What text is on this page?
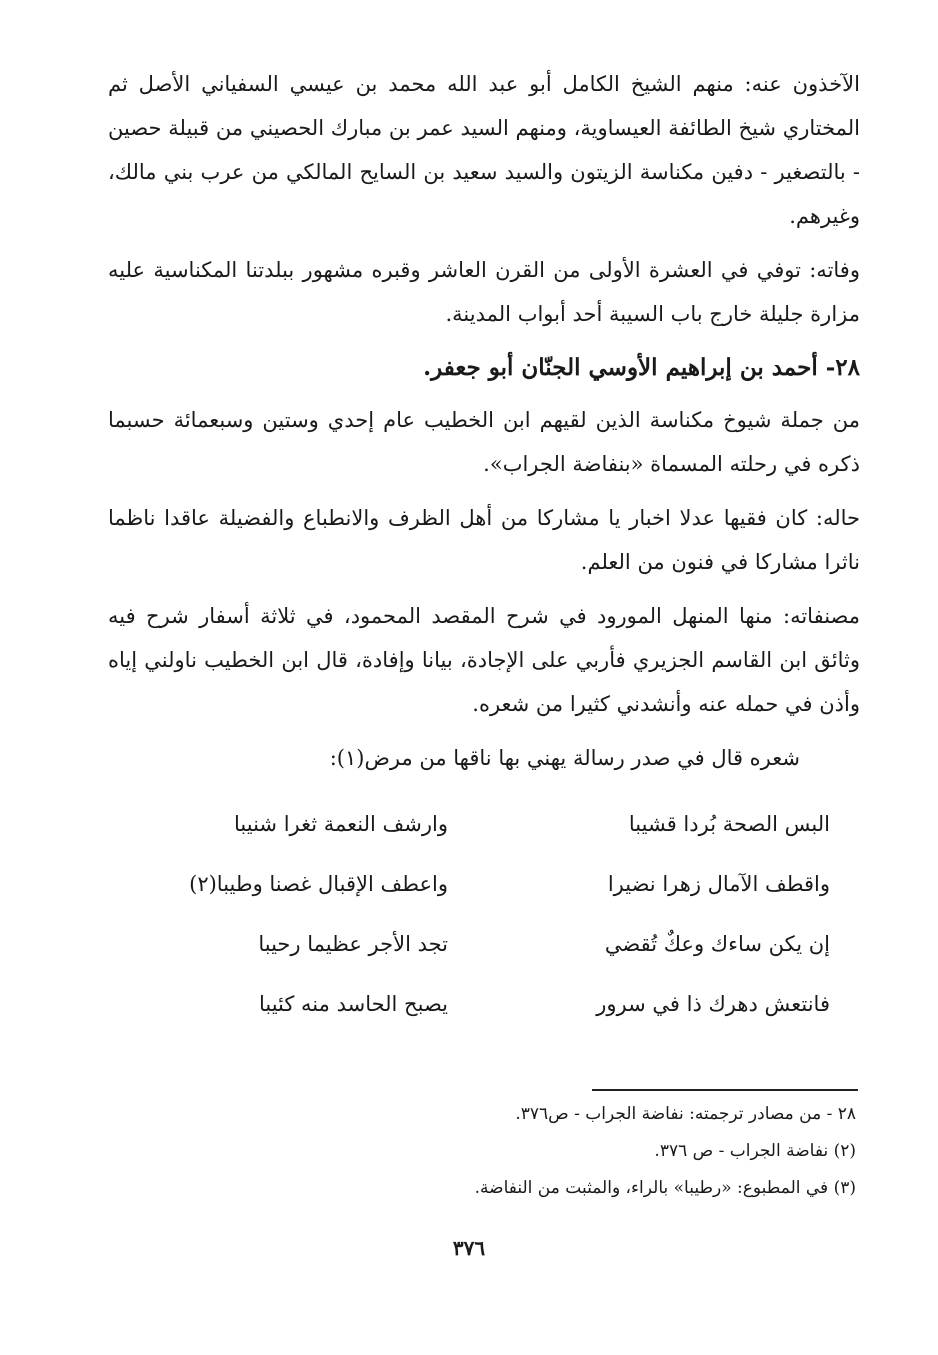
الآخذون عنه: منهم الشيخ الكامل أبو عبد الله محمد بن عيسي السفياني الأصل ثم المختاري شيخ الطائفة العيساوية، ومنهم السيد عمر بن مبارك الحصيني من قبيلة حصين - بالتصغير - دفين مكناسة الزيتون والسيد سعيد بن السايح المالكي من عرب بني مالك، وغيرهم.

وفاته: توفي في العشرة الأولى من القرن العاشر وقبره مشهور ببلدتنا المكناسية عليه مزارة جليلة خارج باب السيبة أحد أبواب المدينة.

٢٨- أحمد بن إبراهيم الأوسي الجنّان أبو جعفر.

من جملة شيوخ مكناسة الذين لقيهم ابن الخطيب عام إحدي وستين وسبعمائة حسبما ذكره في رحلته المسماة «بنفاضة الجراب».

حاله: كان فقيها عدلا اخبار يا مشاركا من أهل الظرف والانطباع والفضيلة عاقدا ناظما ناثرا مشاركا في فنون من العلم.

مصنفاته: منها المنهل المورود في شرح المقصد المحمود، في ثلاثة أسفار شرح فيه وثائق ابن القاسم الجزيري فأربي على الإجادة، بيانا وإفادة، قال ابن الخطيب ناولني إياه وأذن في حمله عنه وأنشدني كثيرا من شعره.

شعره قال في صدر رسالة يهني بها ناقها من مرض(١):

البس الصحة بُردا قشيبا
وارشف النعمة ثغرا شنيبا
واقطف الآمال زهرا نضيرا
واعطف الإقبال غصنا وطيبا(٢)
إن يكن ساءك وعكٌ تُقضي
تجد الأجر عظيما رحيبا
فانتعش دهرك ذا في سرور
يصبح الحاسد منه كئيبا

٢٨ - من مصادر ترجمته: نفاضة الجراب - ص٣٧٦.

(٢) نفاضة الجراب - ص ٣٧٦.

(٣) في المطبوع: «رطيبا» بالراء، والمثبت من النفاضة.

٣٧٦
